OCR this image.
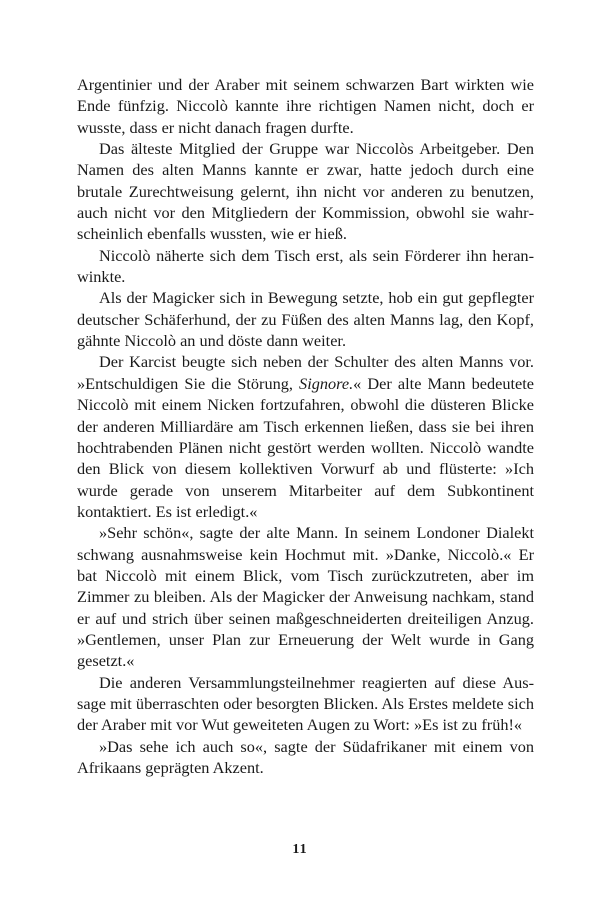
Argentinier und der Araber mit seinem schwarzen Bart wirkten wie Ende fünfzig. Niccolò kannte ihre richtigen Namen nicht, doch er wusste, dass er nicht danach fragen durfte.

Das älteste Mitglied der Gruppe war Niccolòs Arbeitgeber. Den Namen des alten Manns kannte er zwar, hatte jedoch durch eine brutale Zurechtweisung gelernt, ihn nicht vor anderen zu benutzen, auch nicht vor den Mitgliedern der Kommission, obwohl sie wahrscheinlich ebenfalls wussten, wie er hieß.

Niccolò näherte sich dem Tisch erst, als sein Förderer ihn heranwinkte.

Als der Magicker sich in Bewegung setzte, hob ein gut gepflegter deutscher Schäferhund, der zu Füßen des alten Manns lag, den Kopf, gähnte Niccolò an und döste dann weiter.

Der Karcist beugte sich neben der Schulter des alten Manns vor. »Entschuldigen Sie die Störung, Signore.« Der alte Mann bedeutete Niccolò mit einem Nicken fortzufahren, obwohl die düsteren Blicke der anderen Milliardäre am Tisch erkennen ließen, dass sie bei ihren hochtrabenden Plänen nicht gestört werden wollten. Niccolò wandte den Blick von diesem kollektiven Vorwurf ab und flüsterte: »Ich wurde gerade von unserem Mitarbeiter auf dem Subkontinent kontaktiert. Es ist erledigt.«

»Sehr schön«, sagte der alte Mann. In seinem Londoner Dialekt schwang ausnahmsweise kein Hochmut mit. »Danke, Niccolò.« Er bat Niccolò mit einem Blick, vom Tisch zurückzutreten, aber im Zimmer zu bleiben. Als der Magicker der Anweisung nachkam, stand er auf und strich über seinen maßgeschneiderten dreiteiligen Anzug. »Gentlemen, unser Plan zur Erneuerung der Welt wurde in Gang gesetzt.«

Die anderen Versammlungsteilnehmer reagierten auf diese Aussage mit überraschten oder besorgten Blicken. Als Erstes meldete sich der Araber mit vor Wut geweiteten Augen zu Wort: »Es ist zu früh!«

»Das sehe ich auch so«, sagte der Südafrikaner mit einem von Afrikaans geprägten Akzent.

11
